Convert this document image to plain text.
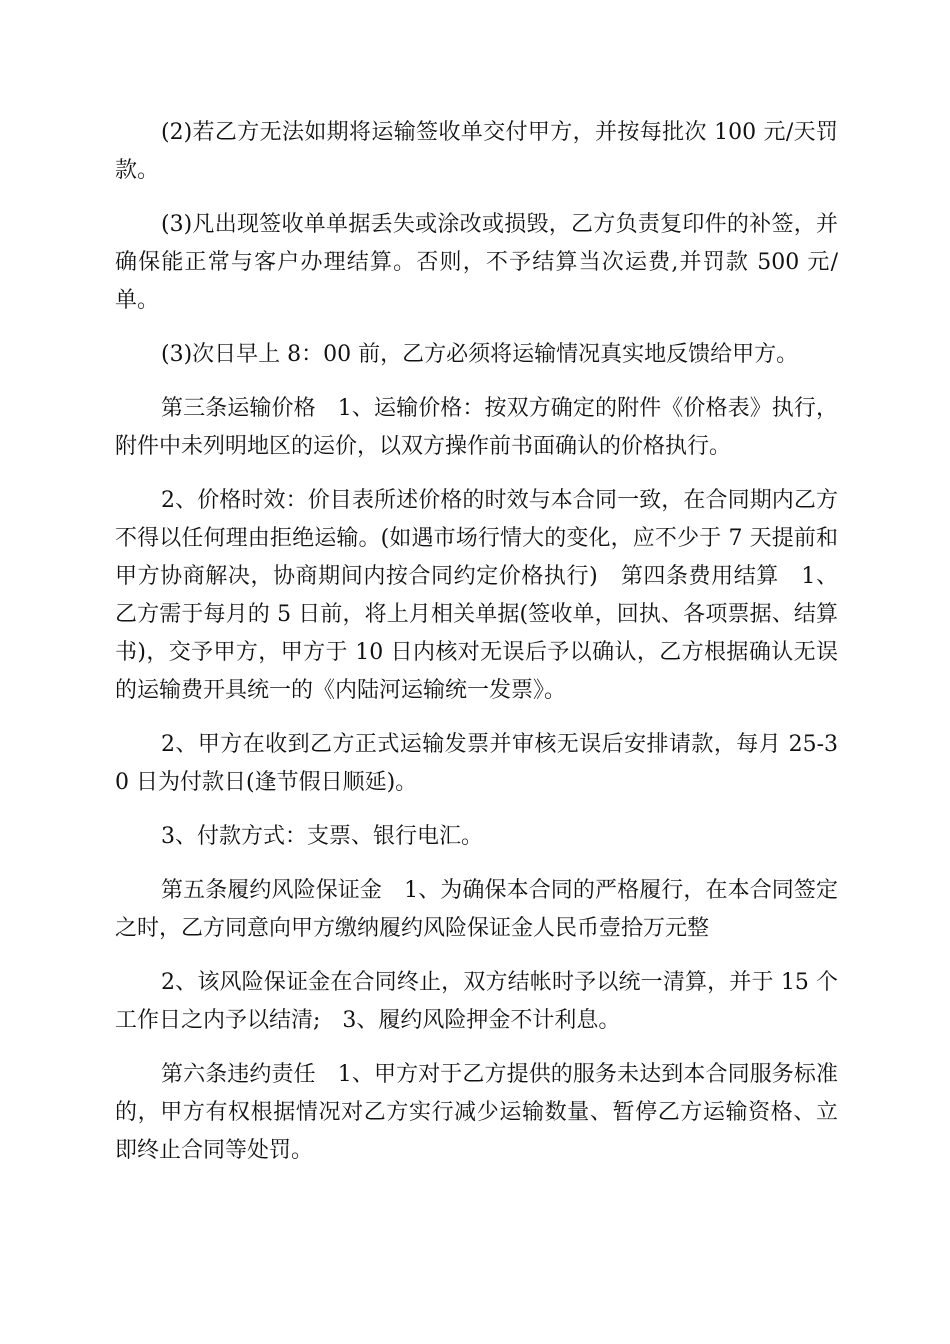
(2)若乙方无法如期将运输签收单交付甲方，并按每批次 100 元/天罚款。

(3)凡出现签收单单据丢失或涂改或损毁，乙方负责复印件的补签，并确保能正常与客户办理结算。否则，不予结算当次运费,并罚款 500 元/单。

(3)次日早上 8：00 前，乙方必须将运输情况真实地反馈给甲方。

第三条运输价格　1、运输价格：按双方确定的附件《价格表》执行，附件中未列明地区的运价，以双方操作前书面确认的价格执行。

2、价格时效：价目表所述价格的时效与本合同一致，在合同期内乙方不得以任何理由拒绝运输。(如遇市场行情大的变化，应不少于 7 天提前和甲方协商解决，协商期间内按合同约定价格执行)　第四条费用结算　1、乙方需于每月的 5 日前，将上月相关单据(签收单，回执、各项票据、结算书)，交予甲方，甲方于 10 日内核对无误后予以确认，乙方根据确认无误的运输费开具统一的《内陆河运输统一发票》。

2、甲方在收到乙方正式运输发票并审核无误后安排请款，每月 25-30 日为付款日(逢节假日顺延)。

3、付款方式：支票、银行电汇。

第五条履约风险保证金　1、为确保本合同的严格履行，在本合同签定之时，乙方同意向甲方缴纳履约风险保证金人民币壹拾万元整

2、该风险保证金在合同终止，双方结帐时予以统一清算，并于 15 个工作日之内予以结清;　3、履约风险押金不计利息。

第六条违约责任　1、甲方对于乙方提供的服务未达到本合同服务标准的，甲方有权根据情况对乙方实行减少运输数量、暂停乙方运输资格、立即终止合同等处罚。
